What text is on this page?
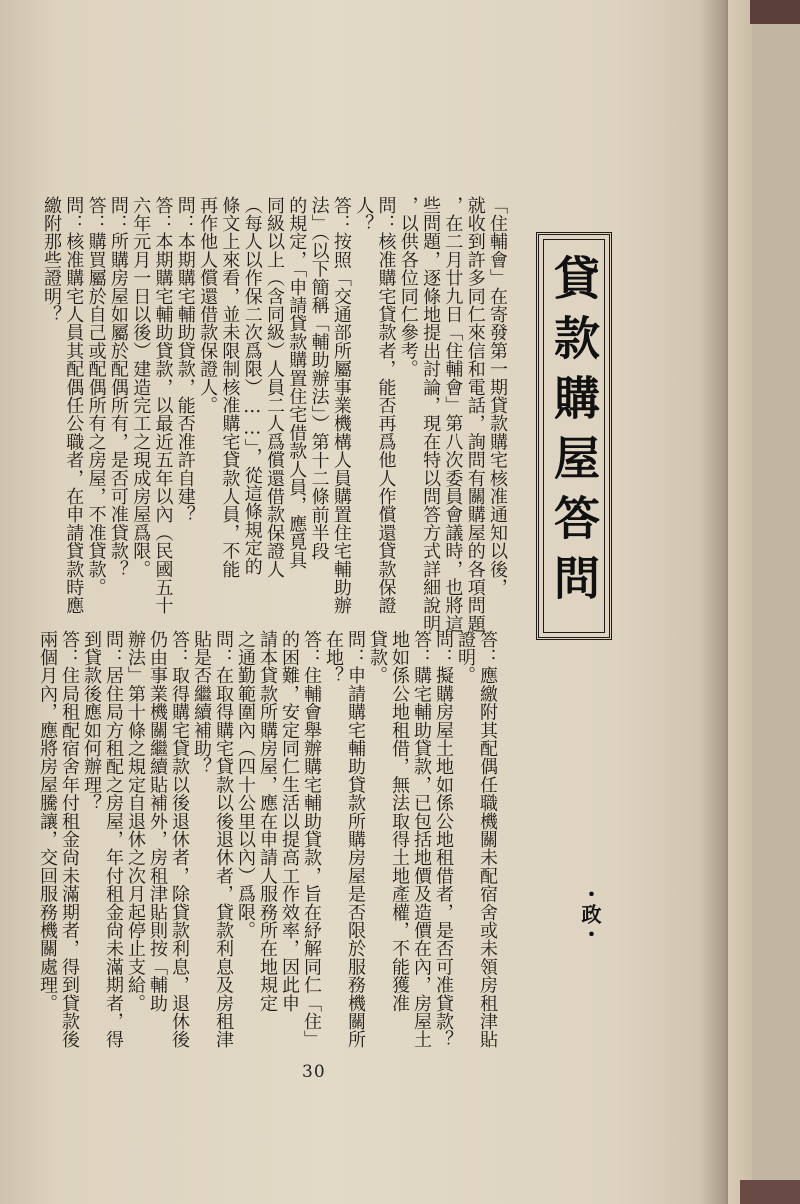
貸款購屋答問
「住輔會」在寄發第一期貸款購宅核准通知以後，
就收到許多同仁來信和電話，詢問有關購屋的各項問題
，在二月廿九日「住輔會」第八次委員會議時，也將這
些問題，逐條地提出討論，現在特以問答方式詳細說明
，以供各位同仁參考。
問：核准購宅貸款者，能否再爲他人作償還貸款保證
人？
答：按照「交通部所屬事業機構人員購置住宅輔助辦
法」（以下簡稱「輔助辦法」）第十二條前半段
的規定，「申請貸款購置住宅借款人員，應覓具
同級以上（含同級）人員二人爲償還借款保證人
（每人以作保二次爲限）……」，從這條規定的
條文上來看，並未限制核准購宅貸款人員，不能
再作他人償還借款保證人。
問：本期購宅輔助貸款，能否准許自建？
答：本期購宅輔助貸款，以最近五年以內（民國五十
六年元月一日以後）建造完工之現成房屋爲限。
問：所購房屋如屬於配偶所有，是否可准貸款？
答：購買屬於自己或配偶所有之房屋，不准貸款。
問：核准購宅人員其配偶任公職者，在申請貸款時應
繳附那些證明？
答：應繳附其配偶任職機關未配宿舍或未領房租津貼
證明。
問：擬購房屋土地如係公地租借者，是否可准貸款？
答：購宅輔助貸款，已包括地價及造價在內，房屋土
地如係公地租借，無法取得土地產權，不能獲准
貸款。
問：申請購宅輔助貸款所購房屋是否限於服務機關所
在地？
答：住輔會舉辦購宅輔助貸款，旨在紓解同仁「住」
的困難，安定同仁生活以提高工作效率，因此申
請本貸款所購房屋，應在申請人服務所在地規定
之通勤範圍內（四十公里以內）爲限。
問：在取得購宅貸款以後退休者，貸款利息及房租津
貼是否繼續補助？
答：取得購宅貸款以後退休者，除貸款利息，退休後
仍由事業機關繼續貼補外，房租津貼則按「輔助
辦法」第十條之規定自退休之次月起停止支給。
問：居住局方租配之房屋，年付租金尙未滿期者，得
到貸款後應如何辦理？
答：住局租配宿舍年付租金尙未滿期者，得到貸款後
兩個月內，應將房屋騰讓，交回服務機關處理。	・政・
30
